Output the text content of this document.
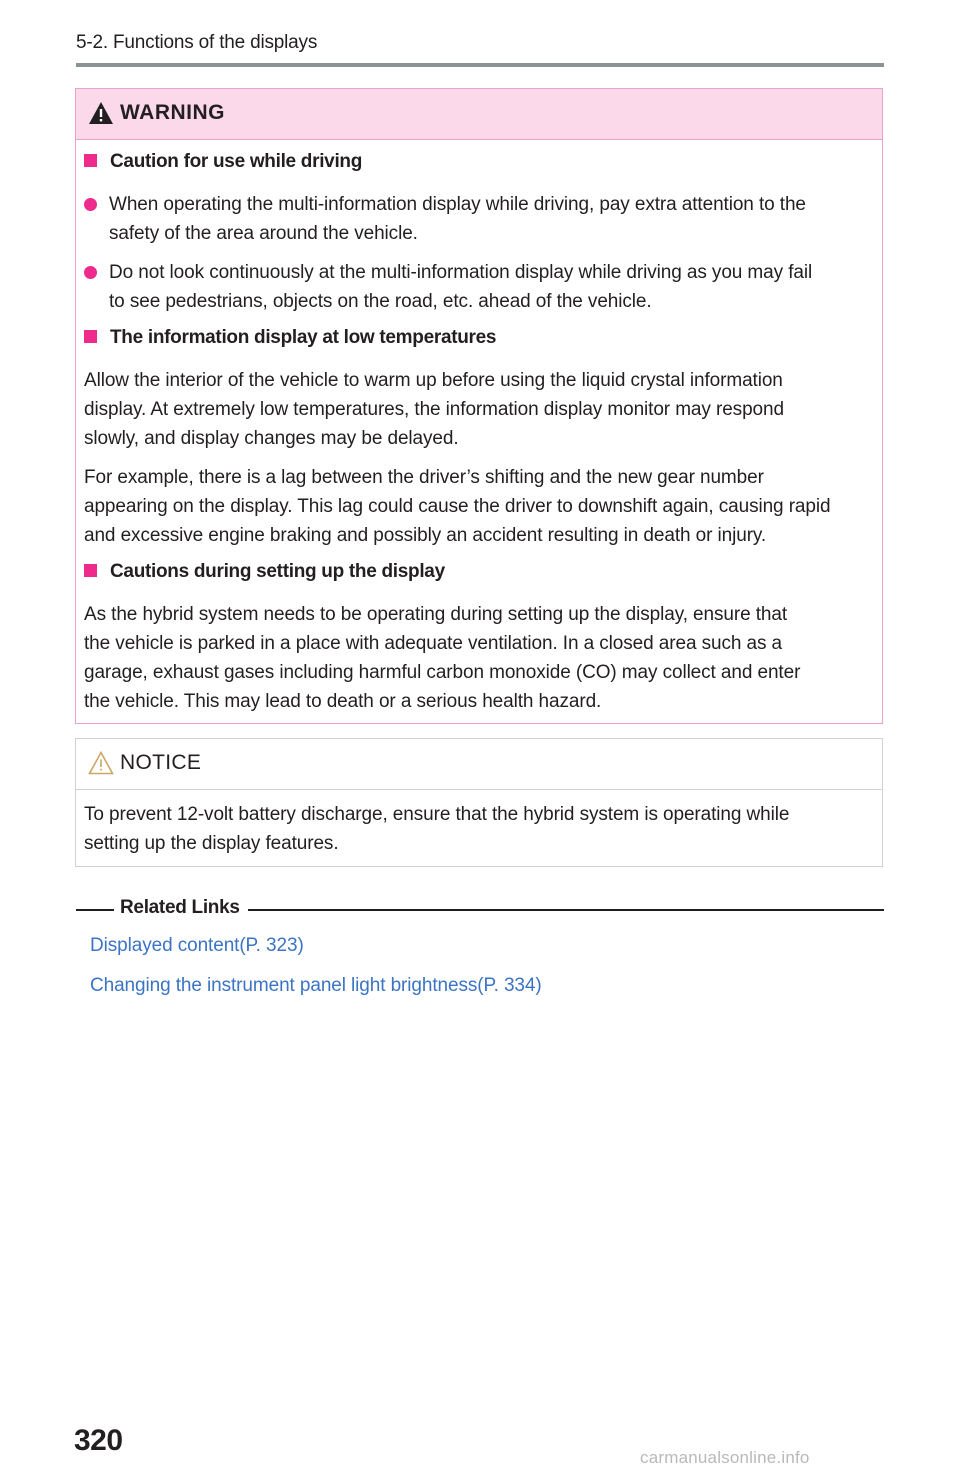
5-2. Functions of the displays
WARNING
Caution for use while driving
When operating the multi-information display while driving, pay extra attention to the
safety of the area around the vehicle.
Do not look continuously at the multi-information display while driving as you may fail
to see pedestrians, objects on the road, etc. ahead of the vehicle.
The information display at low temperatures
Allow the interior of the vehicle to warm up before using the liquid crystal information
display. At extremely low temperatures, the information display monitor may respond
slowly, and display changes may be delayed.
For example, there is a lag between the driver’s shifting and the new gear number
appearing on the display. This lag could cause the driver to downshift again, causing rapid
and excessive engine braking and possibly an accident resulting in death or injury.
Cautions during setting up the display
As the hybrid system needs to be operating during setting up the display, ensure that
the vehicle is parked in a place with adequate ventilation. In a closed area such as a
garage, exhaust gases including harmful carbon monoxide (CO) may collect and enter
the vehicle. This may lead to death or a serious health hazard.
NOTICE
To prevent 12-volt battery discharge, ensure that the hybrid system is operating while
setting up the display features.
Related Links
Displayed content(P. 323)
Changing the instrument panel light brightness(P. 334)
320
carmanualsonline.info
